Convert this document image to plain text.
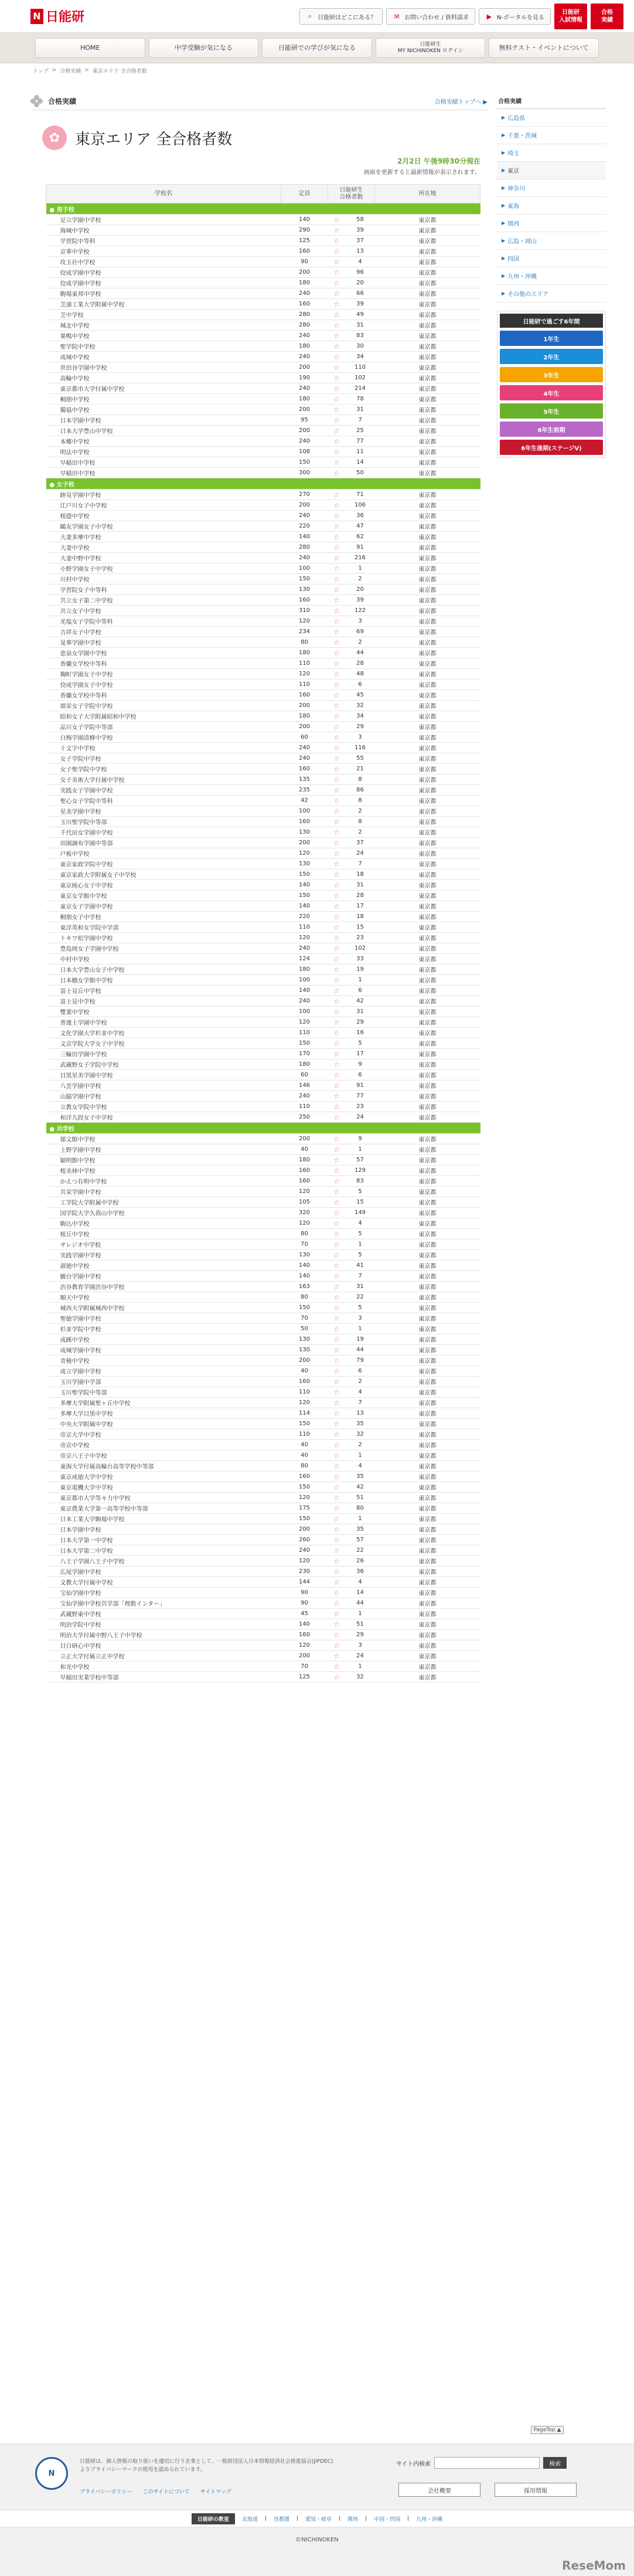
N 日能研	⌕ 日能研はどこにある？	✉ お問い合わせ / 資料請求	▶ N-ポータルを見る
日能研
入試情報
合格
実績
HOME	中学受験が気になる	日能研での学びが気になる	日能研生
MY NICHINOKEN ログイン	無料テスト・イベントについて
トップ > 合格実績 > 東京エリア 全合格者数
合格実績	合格実績トップへ ▶
✿ 東京エリア 全合格者数
2月2日 午後9時30分現在
画面を更新すると最新情報が表示されます。
学校名	定員	日能研生
合格者数		所在地
● 男子校				
足立学園中学校	140	☆	58	東京都
海城中学校	290	☆	39	東京都
学習院中等科	125	☆	37	東京都
京華中学校	160	☆	13	東京都
攻玉社中学校	90	☆	4	東京都
佼成学園中学校	200	☆	96	東京都
佼成学園中学校	180	☆	20	東京都
駒場東邦中学校	240	☆	66	東京都
芝浦工業大学附属中学校	160	☆	39	東京都
芝中学校	280	☆	49	東京都
城北中学校	280	☆	31	東京都
巣鴨中学校	240	☆	83	東京都
聖学院中学校	180	☆	30	東京都
成城中学校	240	☆	34	東京都
世田谷学園中学校	200	☆	110	東京都
高輪中学校	190	☆	102	東京都
東京都市大学付属中学校	240	☆	214	東京都
桐朋中学校	180	☆	78	東京都
獨協中学校	200	☆	31	東京都
日本学園中学校	95	☆	7	東京都
日本大学豊山中学校	200	☆	25	東京都
本郷中学校	240	☆	77	東京都
明法中学校	108	☆	11	東京都
早稲田中学校	150	☆	14	東京都
早稲田中学校	300	☆	50	東京都
● 女子校				
跡見学園中学校	270	☆	71	東京都
江戸川女子中学校	200	☆	106	東京都
桜蔭中学校	240	☆	36	東京都
鷗友学園女子中学校	220	☆	47	東京都
大妻多摩中学校	140	☆	62	東京都
大妻中学校	280	☆	91	東京都
大妻中野中学校	240	☆	216	東京都
小野学園女子中学校	100	☆	1	東京都
川村中学校	150	☆	2	東京都
学習院女子中等科	130	☆	20	東京都
共立女子第二中学校	160	☆	39	東京都
共立女子中学校	310	☆	122	東京都
光塩女子学院中等科	120	☆	3	東京都
吉祥女子中学校	234	☆	69	東京都
晃華学園中学校	80	☆	2	東京都
恵泉女学園中学校	180	☆	44	東京都
香蘭女学校中等科	110	☆	28	東京都
麹町学園女子中学校	120	☆	48	東京都
佼成学園女子中学校	110	☆	6	東京都
香蘭女学校中等科	160	☆	45	東京都
頌栄女子学院中学校	200	☆	32	東京都
昭和女子大学附属昭和中学校	180	☆	34	東京都
品川女子学院中等部	200	☆	29	東京都
白梅学園清修中学校	60	☆	3	東京都
十文字中学校	240	☆	116	東京都
女子学院中学校	240	☆	55	東京都
女子聖学院中学校	160	☆	21	東京都
女子美術大学付属中学校	135	☆	8	東京都
実践女子学園中学校	235	☆	86	東京都
聖心女子学院中等科	42	☆	8	東京都
星美学園中学校	100	☆	2	東京都
玉川聖学院中等部	160	☆	8	東京都
千代田女学園中学校	130	☆	2	東京都
田園調布学園中等部	200	☆	37	東京都
戸板中学校	120	☆	24	東京都
東京家政学院中学校	130	☆	7	東京都
東京家政大学附属女子中学校	150	☆	18	東京都
東京純心女子中学校	140	☆	31	東京都
東京女学館中学校	150	☆	28	東京都
東京女子学園中学校	140	☆	17	東京都
桐朋女子中学校	220	☆	18	東京都
東洋英和女学院中学部	110	☆	15	東京都
トキワ松学園中学校	120	☆	23	東京都
豊島岡女子学園中学校	240	☆	102	東京都
中村中学校	124	☆	33	東京都
日本大学豊山女子中学校	180	☆	19	東京都
日本橋女学館中学校	100	☆	1	東京都
富士見丘中学校	140	☆	6	東京都
富士見中学校	240	☆	42	東京都
雙葉中学校	100	☆	31	東京都
普連土学園中学校	120	☆	29	東京都
文化学園大学杉並中学校	110	☆	16	東京都
文京学院大学女子中学校	150	☆	5	東京都
三輪田学園中学校	170	☆	17	東京都
武蔵野女子学院中学校	180	☆	9	東京都
目黒星美学園中学校	60	☆	6	東京都
八雲学園中学校	146	☆	91	東京都
山脇学園中学校	240	☆	77	東京都
立教女学院中学校	110	☆	23	東京都
和洋九段女子中学校	250	☆	24	東京都
● 共学校				
郁文館中学校	200	☆	9	東京都
上野学園中学校	40	☆	1	東京都
穎明館中学校	180	☆	57	東京都
桜美林中学校	160	☆	129	東京都
かえつ有明中学校	160	☆	83	東京都
共栄学園中学校	120	☆	5	東京都
工学院大学附属中学校	105	☆	15	東京都
国学院大学久我山中学校	320	☆	149	東京都
駒込中学校	120	☆	4	東京都
桜丘中学校	80	☆	5	東京都
サレジオ中学校	70	☆	1	東京都
実践学園中学校	130	☆	5	東京都
淑徳中学校	140	☆	41	東京都
駿台学園中学校	140	☆	7	東京都
渋谷教育学園渋谷中学校	163	☆	31	東京都
順天中学校	80	☆	22	東京都
城西大学附属城西中学校	150	☆	5	東京都
聖徳学園中学校	70	☆	3	東京都
杉並学院中学校	50	☆	1	東京都
成蹊中学校	130	☆	19	東京都
成城学園中学校	130	☆	44	東京都
青稜中学校	200	☆	79	東京都
成立学園中学校	40	☆	6	東京都
玉川学園中学部	160	☆	2	東京都
玉川聖学院中等部	110	☆	4	東京都
多摩大学附属聖ヶ丘中学校	120	☆	7	東京都
多摩大学目黒中学校	114	☆	13	東京都
中央大学附属中学校	150	☆	35	東京都
帝京大学中学校	110	☆	32	東京都
帝京中学校	40	☆	2	東京都
帝京八王子中学校	40	☆	1	東京都
東海大学付属高輪台高等学校中等部	80	☆	4	東京都
東京成徳大学中学校	160	☆	35	東京都
東京電機大学中学校	150	☆	42	東京都
東京都市大学等々力中学校	120	☆	51	東京都
東京農業大学第一高等学校中等部	175	☆	80	東京都
日本工業大学駒場中学校	150	☆	1	東京都
日本学園中学校	200	☆	35	東京都
日本大学第一中学校	260	☆	57	東京都
日本大学第二中学校	240	☆	22	東京都
八王子学園八王子中学校	120	☆	26	東京都
広尾学園中学校	230	☆	36	東京都
文教大学付属中学校	144	☆	4	東京都
宝仙学園中学校	90	☆	14	東京都
宝仙学園中学校共学部「理数インター」	90	☆	44	東京都
武蔵野東中学校	45	☆	1	東京都
明治学院中学校	140	☆	51	東京都
明治大学付属中野八王子中学校	160	☆	29	東京都
目白研心中学校	120	☆	3	東京都
立正大学付属立正中学校	200	☆	24	東京都
和光中学校	70	☆	1	東京都
早稲田実業学校中等部	125	☆	32	東京都
合格実績
▶ 広島県
▶ 千葉・茨城
▶ 埼玉
▶ 東京
▶ 神奈川
▶ 東海
▶ 関西
▶ 広島・岡山
▶ 四国
▶ 九州・沖縄
▶ その他のエリア
日能研で過ごす6年間
1年生
2年生
3年生
4年生
5年生
6年生前期
6年生後期(ステージV)
PageTop ▲
N
日能研は、個人情報の取り扱いを適切に行う企業として、一般財団法人日本情報経済社会推進協会(JIPDEC)よりプライバシーマークの使用を認められています。
プライバシーポリシー このサイトについて サイトマップ
サイト内検索	検索
会社概要	採用情報
日能研の教室	北海道 | 首都圏 | 愛知・岐阜 | 関西 | 中国・四国 | 九州・沖縄
©NICHINOKEN
ReseMom
